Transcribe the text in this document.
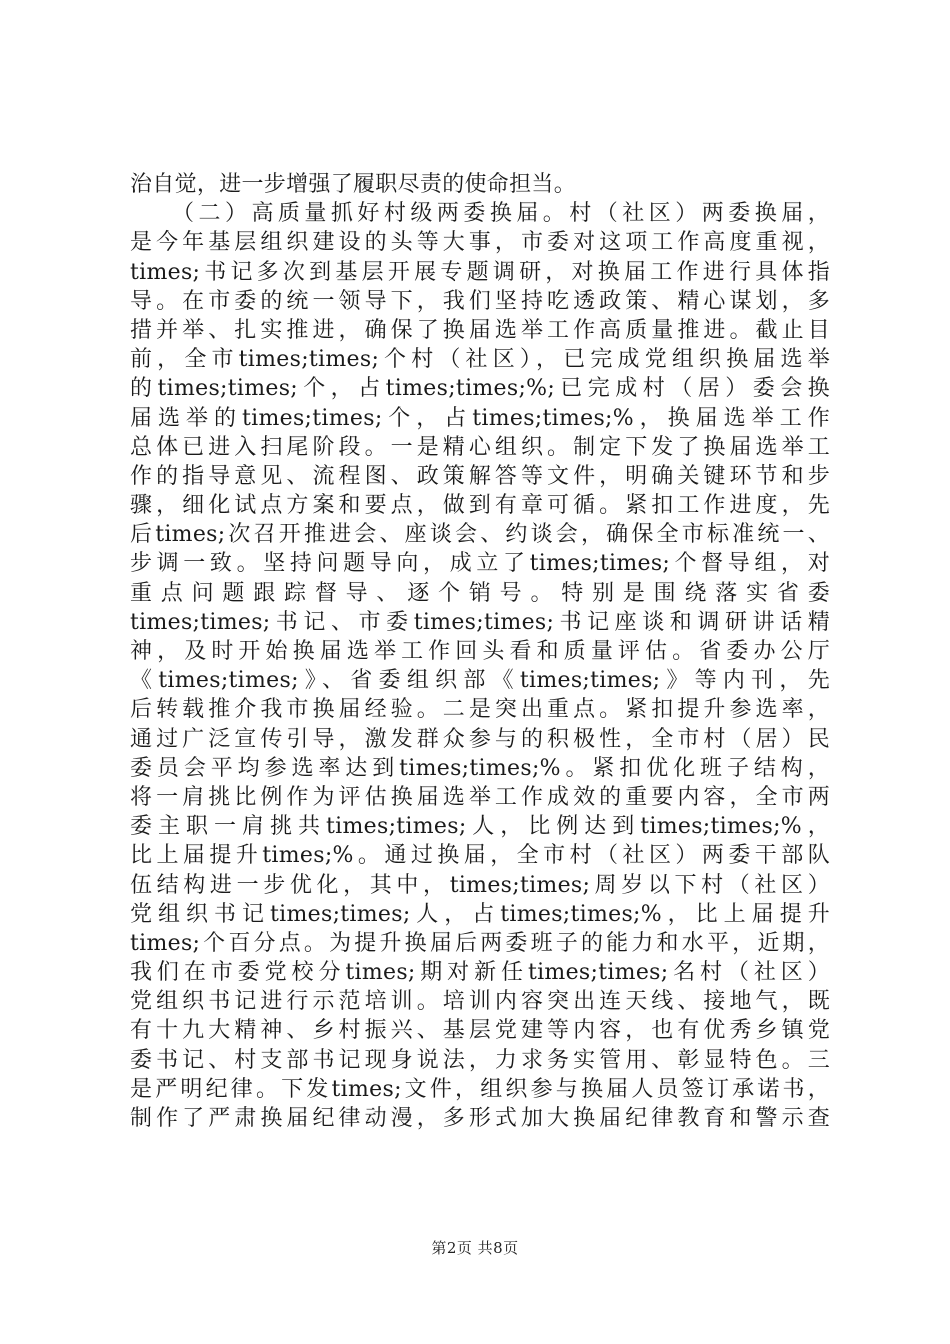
治自觉，进一步增强了履职尽责的使命担当。
　　（二）高质量抓好村级两委换届。村（社区）两委换届，
是今年基层组织建设的头等大事，市委对这项工作高度重视，
times;书记多次到基层开展专题调研，对换届工作进行具体指
导。在市委的统一领导下，我们坚持吃透政策、精心谋划，多
措并举、扎实推进，确保了换届选举工作高质量推进。截止目
前，全市times;times;个村（社区），已完成党组织换届选举
的times;times;个，占times;times;%;已完成村（居）委会换
届选举的times;times;个，占times;times;%，换届选举工作
总体已进入扫尾阶段。一是精心组织。制定下发了换届选举工
作的指导意见、流程图、政策解答等文件，明确关键环节和步
骤，细化试点方案和要点，做到有章可循。紧扣工作进度，先
后times;次召开推进会、座谈会、约谈会，确保全市标准统一、
步调一致。坚持问题导向，成立了times;times;个督导组，对
重点问题跟踪督导、逐个销号。特别是围绕落实省委
times;times;书记、市委times;times;书记座谈和调研讲话精
神，及时开始换届选举工作回头看和质量评估。省委办公厅
《times;times;》、省委组织部《times;times;》等内刊，先
后转载推介我市换届经验。二是突出重点。紧扣提升参选率，
通过广泛宣传引导，激发群众参与的积极性，全市村（居）民
委员会平均参选率达到times;times;%。紧扣优化班子结构，
将一肩挑比例作为评估换届选举工作成效的重要内容，全市两
委主职一肩挑共times;times;人，比例达到times;times;%，
比上届提升times;%。通过换届，全市村（社区）两委干部队
伍结构进一步优化，其中，times;times;周岁以下村（社区）
党组织书记times;times;人，占times;times;%，比上届提升
times;个百分点。为提升换届后两委班子的能力和水平，近期，
我们在市委党校分times;期对新任times;times;名村（社区）
党组织书记进行示范培训。培训内容突出连天线、接地气，既
有十九大精神、乡村振兴、基层党建等内容，也有优秀乡镇党
委书记、村支部书记现身说法，力求务实管用、彰显特色。三
是严明纪律。下发times;文件，组织参与换届人员签订承诺书，
制作了严肃换届纪律动漫，多形式加大换届纪律教育和警示查
第2页 共8页
